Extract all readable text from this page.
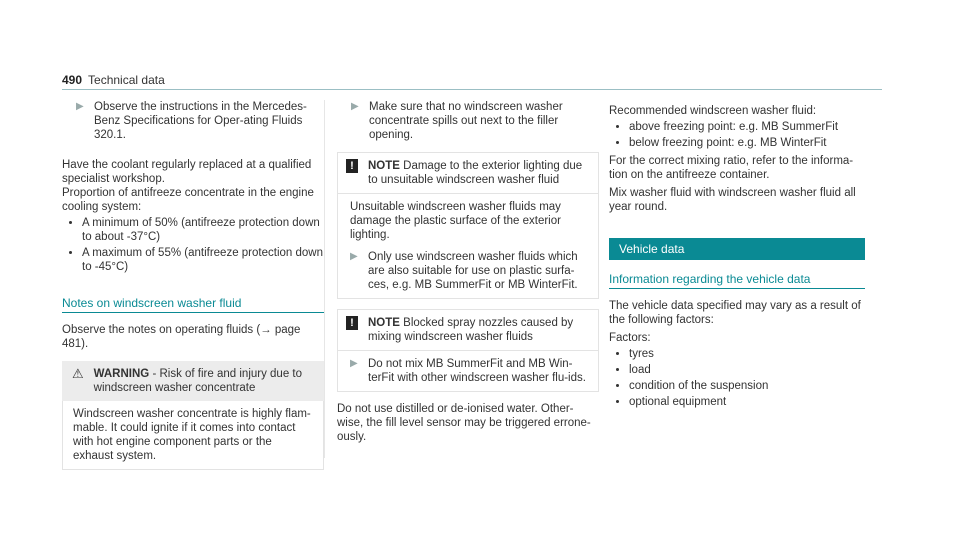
490 Technical data
▶ Observe the instructions in the Mercedes-Benz Specifications for Oper-ating Fluids 320.1.

Have the coolant regularly replaced at a qualified specialist workshop.

Proportion of antifreeze concentrate in the engine cooling system:

• A minimum of 50% (antifreeze protection down to about -37°C)
• A maximum of 55% (antifreeze protection down to -45°C)
Notes on windscreen washer fluid

Observe the notes on operating fluids (→ page 481).

⚠ WARNING - Risk of fire and injury due to windscreen washer concentrate
Windscreen washer concentrate is highly flam-mable. It could ignite if it comes into contact with hot engine component parts or the exhaust system.
▶ Make sure that no windscreen washer concentrate spills out next to the filler opening.
!	NOTE Damage to the exterior lighting due to unsuitable windscreen washer fluid

Unsuitable windscreen washer fluids may damage the plastic surface of the exterior lighting.

▶ Only use windscreen washer fluids which are also suitable for use on plastic surfa-ces, e.g. MB SummerFit or MB WinterFit.
!	NOTE Blocked spray nozzles caused by mixing windscreen washer fluids
▶ Do not mix MB SummerFit and MB Win-terFit with other windscreen washer flu-ids.

Do not use distilled or de-ionised water. Other-wise, the fill level sensor may be triggered errone-ously.

Recommended windscreen washer fluid:

• above freezing point: e.g. MB SummerFit
• below freezing point: e.g. MB WinterFit

For the correct mixing ratio, refer to the informa-tion on the antifreeze container.

Mix washer fluid with windscreen washer fluid all year round.

Vehicle data
Information regarding the vehicle data

The vehicle data specified may vary as a result of the following factors:

Factors:

• tyres
• load
• condition of the suspension
• optional equipment
